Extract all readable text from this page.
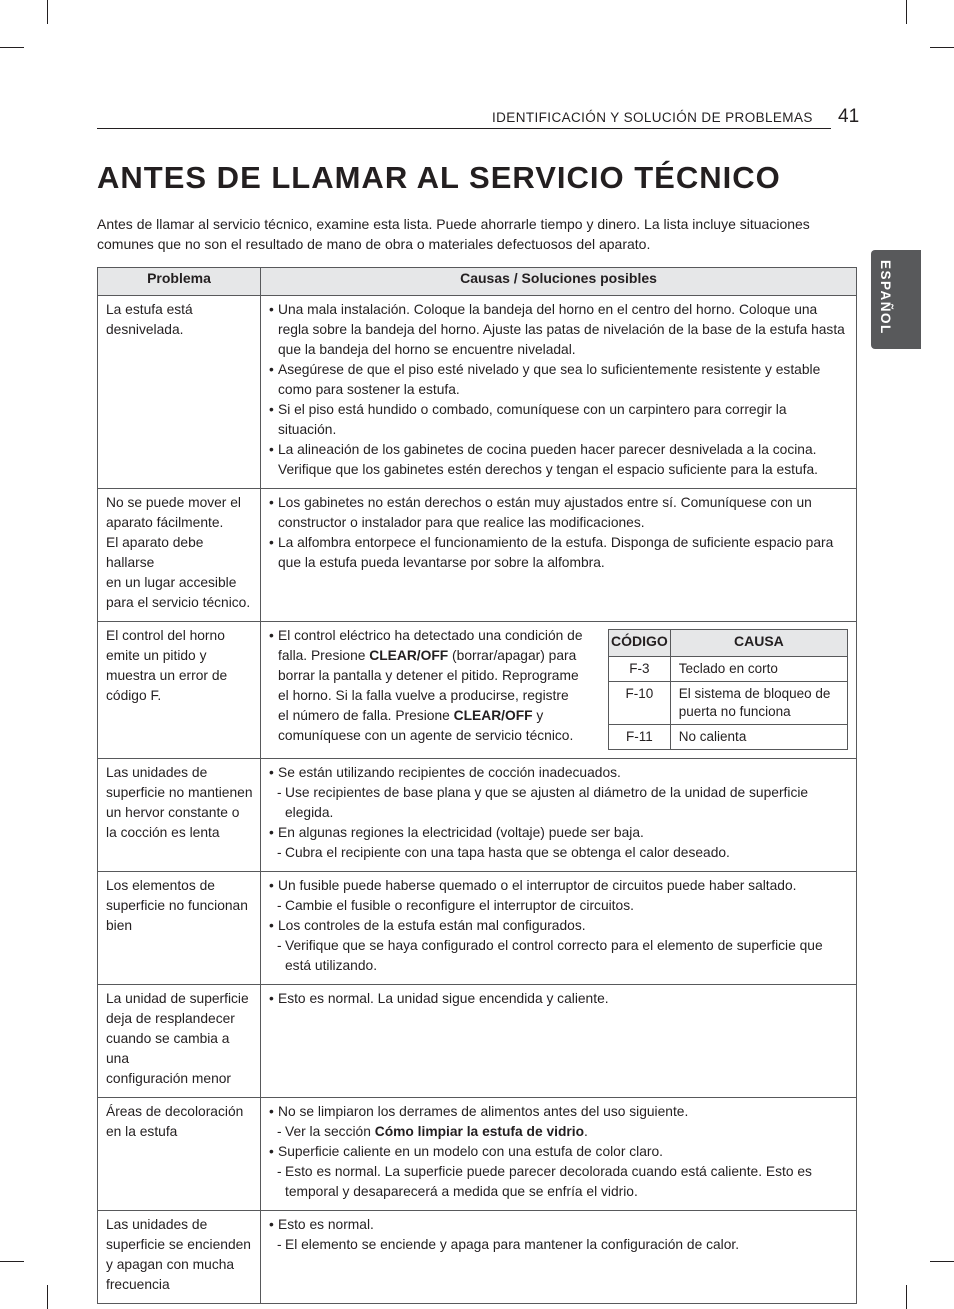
IDENTIFICACIÓN Y SOLUCIÓN DE PROBLEMAS 41
ANTES DE LLAMAR AL SERVICIO TÉCNICO

Antes de llamar al servicio técnico, examine esta lista. Puede ahorrarle tiempo y dinero. La lista incluye situaciones
comunes que no son el resultado de mano de obra o materiales defectuosos del aparato.

ESPAÑOL
Problema	Causas / Soluciones posibles

La estufa está
desnivelada.

• Una mala instalación. Coloque la bandeja del horno en el centro del horno. Coloque una
regla sobre la bandeja del horno. Ajuste las patas de nivelación de la base de la estufa hasta
que la bandeja del horno se encuentre niveladal.
• Asegúrese de que el piso esté nivelado y que sea lo suficientemente resistente y estable
como para sostener la estufa.
• Si el piso está hundido o combado, comuníquese con un carpintero para corregir la situación.
• La alineación de los gabinetes de cocina pueden hacer parecer desnivelada a la cocina.
Verifique que los gabinetes estén derechos y tengan el espacio suficiente para la estufa.

No se puede mover el
aparato fácilmente.
El aparato debe hallarse
en un lugar accesible
para el servicio técnico.

• Los gabinetes no están derechos o están muy ajustados entre sí. Comuníquese con un
constructor o instalador para que realice las modificaciones.
• La alfombra entorpece el funcionamiento de la estufa. Disponga de suficiente espacio para
que la estufa pueda levantarse por sobre la alfombra.

El control del horno
emite un pitido y
muestra un error de
código F.

• El control eléctrico ha detectado una condición de
falla. Presione CLEAR/OFF (borrar/apagar) para
borrar la pantalla y detener el pitido. Reprograme
el horno. Si la falla vuelve a producirse, registre
el número de falla. Presione CLEAR/OFF y
comuníquese con un agente de servicio técnico.
CÓDIGO	CAUSA
F-3	Teclado en corto
F-10	El sistema de bloqueo de
puerta no funciona
F-11	No calienta

Las unidades de
superficie no mantienen
un hervor constante o
la cocción es lenta

• Se están utilizando recipientes de cocción inadecuados.
- Use recipientes de base plana y que se ajusten al diámetro de la unidad de superficie
elegida.
• En algunas regiones la electricidad (voltaje) puede ser baja.
- Cubra el recipiente con una tapa hasta que se obtenga el calor deseado.

Los elementos de
superficie no funcionan
bien

• Un fusible puede haberse quemado o el interruptor de circuitos puede haber saltado.
- Cambie el fusible o reconfigure el interruptor de circuitos.
• Los controles de la estufa están mal configurados.
- Verifique que se haya configurado el control correcto para el elemento de superficie que
está utilizando.

La unidad de superficie
deja de resplandecer
cuando se cambia a una
configuración menor

• Esto es normal. La unidad sigue encendida y caliente.

Áreas de decoloración
en la estufa

• No se limpiaron los derrames de alimentos antes del uso siguiente.
- Ver la sección Cómo limpiar la estufa de vidrio.
• Superficie caliente en un modelo con una estufa de color claro.
- Esto es normal. La superficie puede parecer decolorada cuando está caliente. Esto es
temporal y desaparecerá a medida que se enfría el vidrio.

Las unidades de
superficie se encienden
y apagan con mucha
frecuencia

• Esto es normal.
- El elemento se enciende y apaga para mantener la configuración de calor.
